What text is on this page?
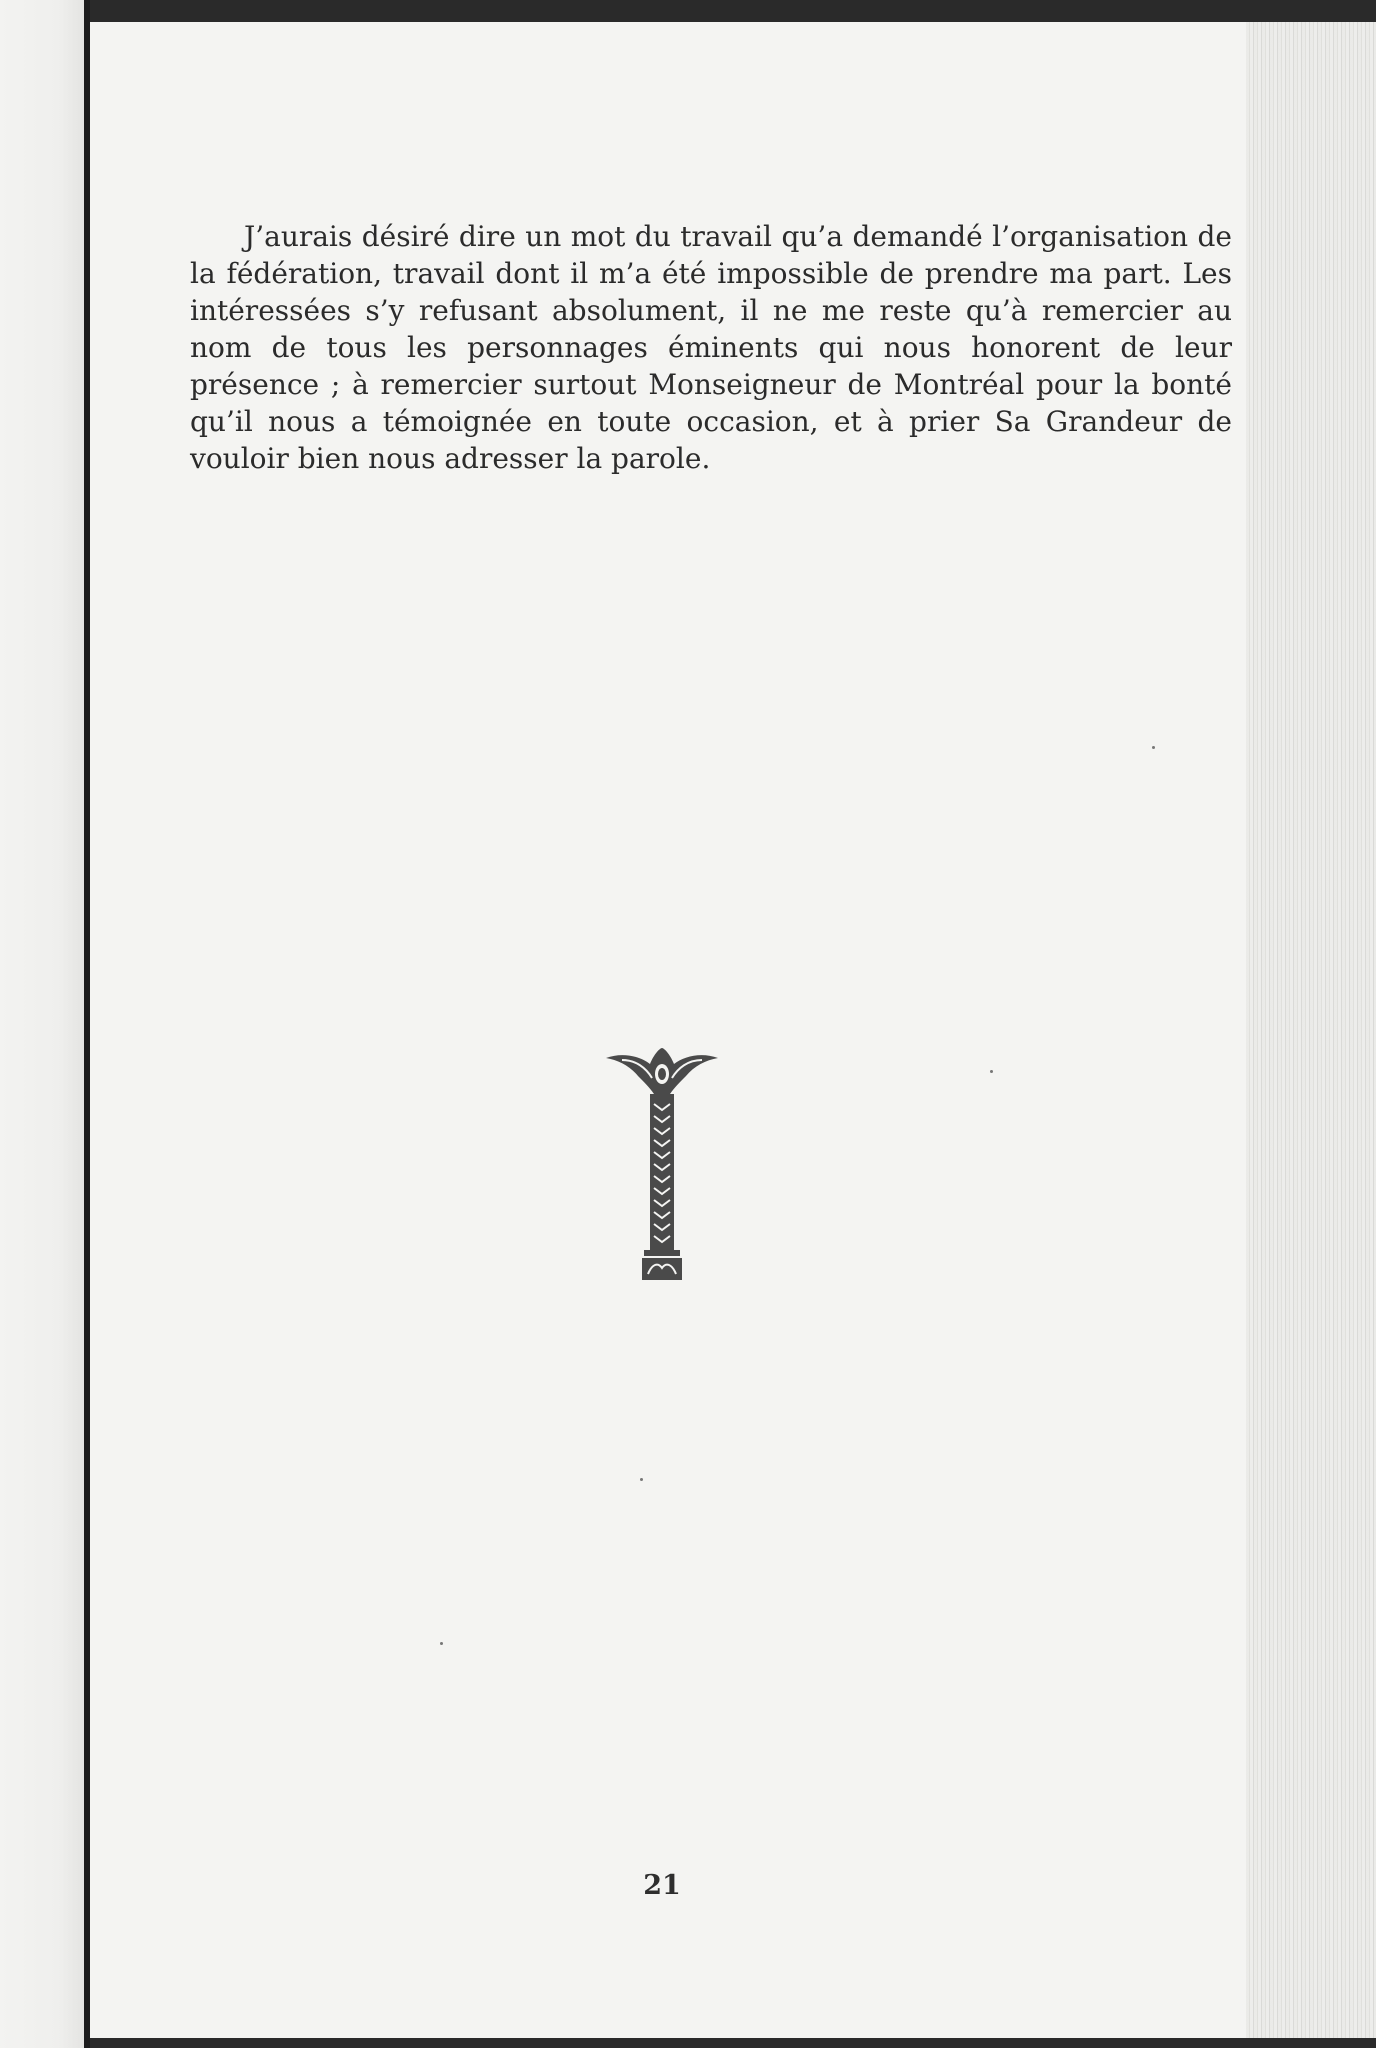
J’aurais désiré dire un mot du travail qu’a demandé l’organisation de la fédération, travail dont il m’a été impossible de prendre ma part. Les intéressées s’y refusant absolument, il ne me reste qu’à remercier au nom de tous les personnages éminents qui nous honorent de leur présence ; à remercier surtout Monseigneur de Montréal pour la bonté qu’il nous a témoignée en toute occasion, et à prier Sa Grandeur de vouloir bien nous adresser la parole.

21
